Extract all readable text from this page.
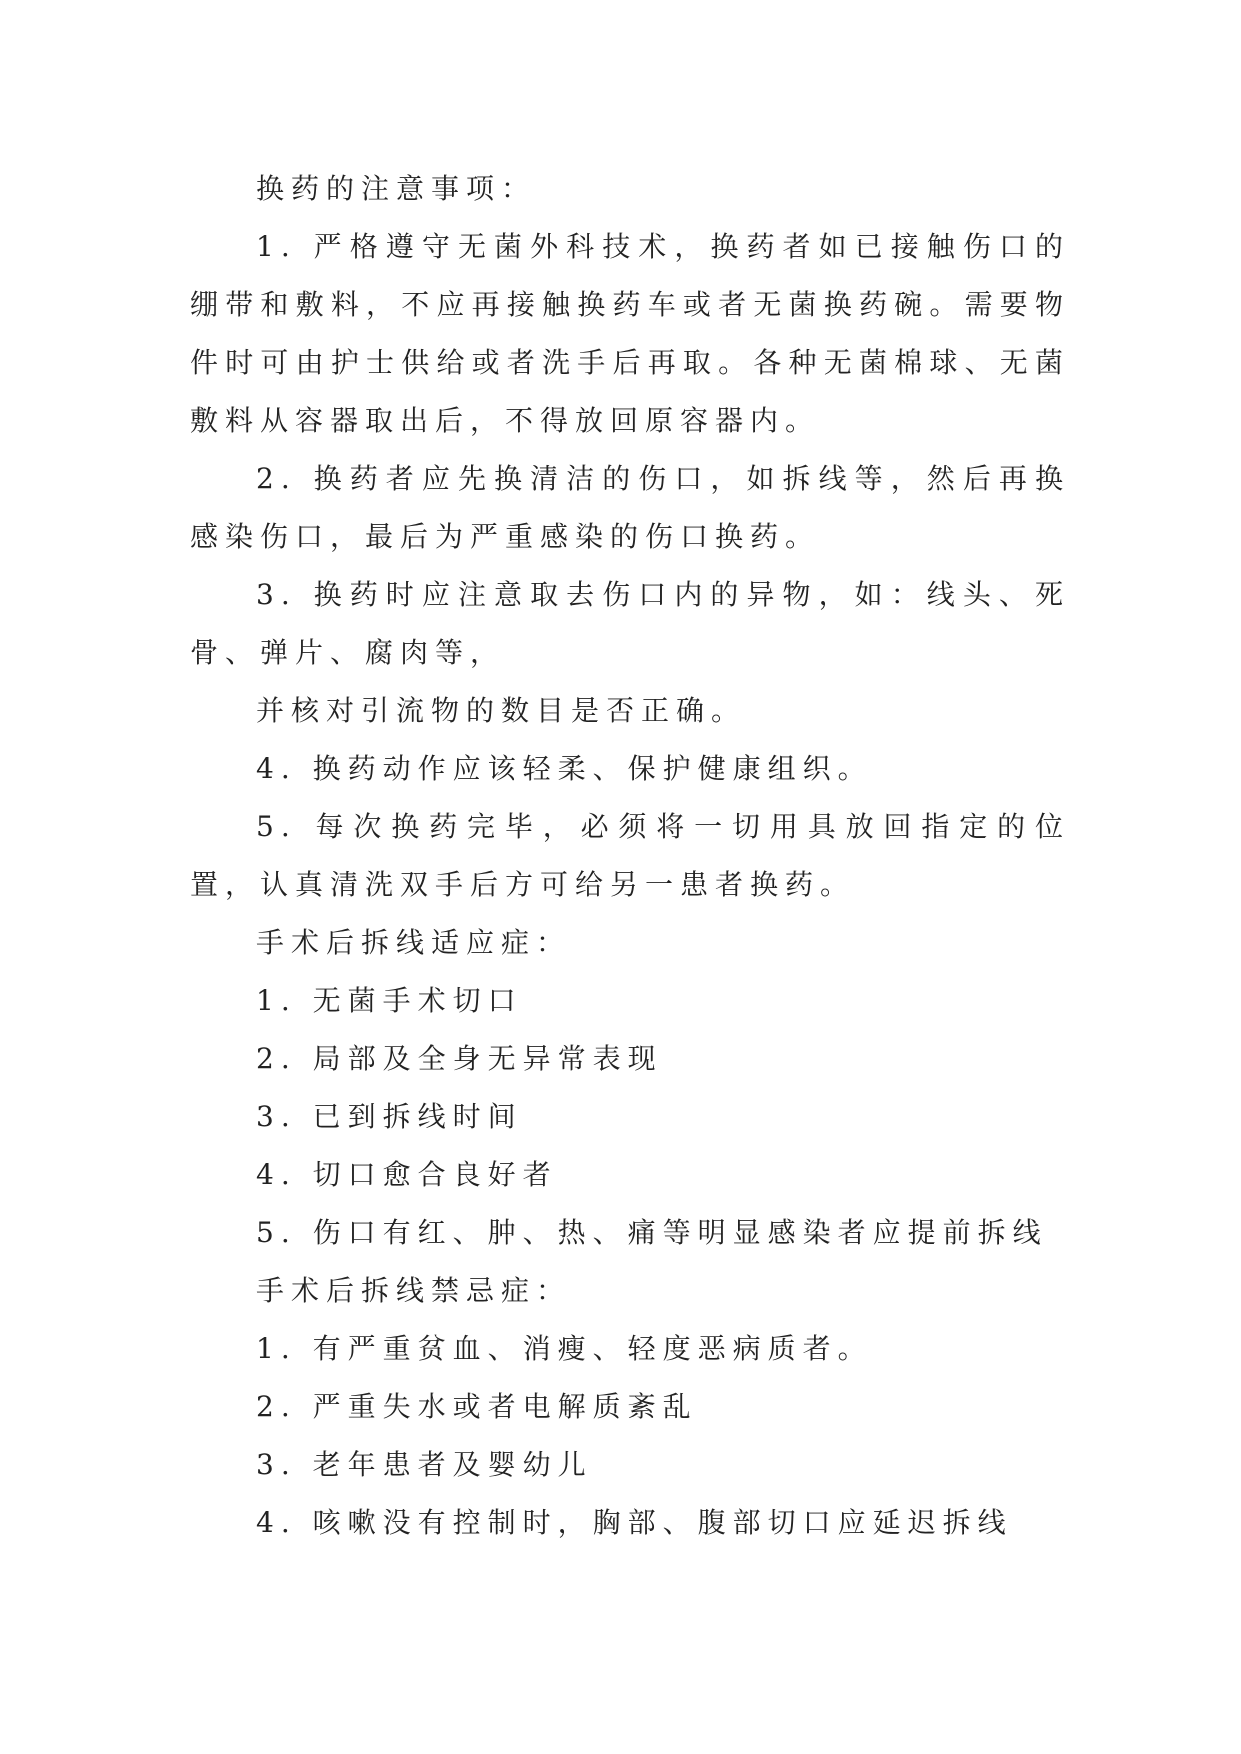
换药的注意事项：

1. 严格遵守无菌外科技术，换药者如已接触伤口的绷带和敷料，不应再接触换药车或者无菌换药碗。需要物件时可由护士供给或者洗手后再取。各种无菌棉球、无菌敷料从容器取出后，不得放回原容器内。

2. 换药者应先换清洁的伤口，如拆线等，然后再换感染伤口，最后为严重感染的伤口换药。

3. 换药时应注意取去伤口内的异物，如：线头、死骨、弹片、腐肉等，

并核对引流物的数目是否正确。

4. 换药动作应该轻柔、保护健康组织。

5. 每次换药完毕，必须将一切用具放回指定的位置，认真清洗双手后方可给另一患者换药。

手术后拆线适应症：

1. 无菌手术切口

2. 局部及全身无异常表现

3. 已到拆线时间

4. 切口愈合良好者

5. 伤口有红、肿、热、痛等明显感染者应提前拆线

手术后拆线禁忌症：

1. 有严重贫血、消瘦、轻度恶病质者。

2. 严重失水或者电解质紊乱

3. 老年患者及婴幼儿

4. 咳嗽没有控制时，胸部、腹部切口应延迟拆线
